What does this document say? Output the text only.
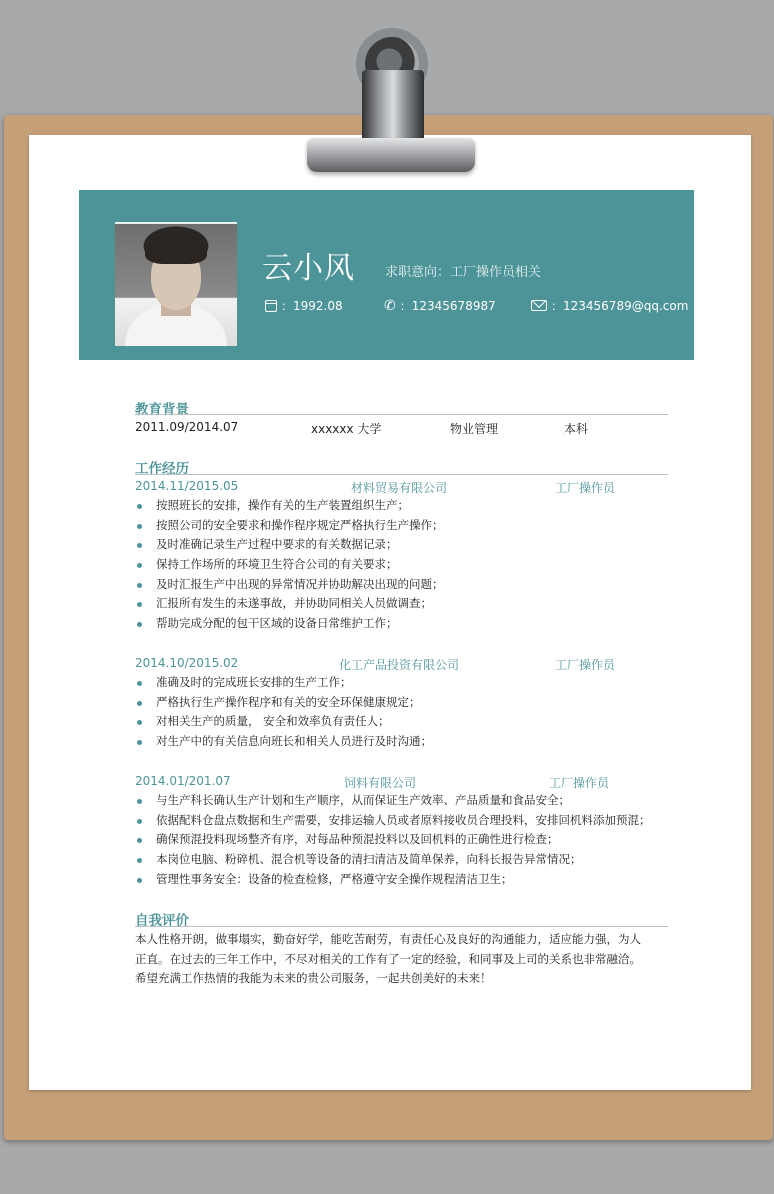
云小风 求职意向：工厂操作员相关
：1992.08	✆ ：12345678987	：123456789@qq.com
教育背景
2011.09/2014.07	xxxxxx 大学	物业管理	本科
工作经历
2014.11/2015.05	材料贸易有限公司	工厂操作员
按照班长的安排，操作有关的生产装置组织生产；
按照公司的安全要求和操作程序规定严格执行生产操作；
及时准确记录生产过程中要求的有关数据记录；
保持工作场所的环境卫生符合公司的有关要求；
及时汇报生产中出现的异常情况并协助解决出现的问题；
汇报所有发生的未遂事故，并协助同相关人员做调查；
帮助完成分配的包干区域的设备日常维护工作；
2014.10/2015.02	化工产品投资有限公司	工厂操作员
准确及时的完成班长安排的生产工作；
严格执行生产操作程序和有关的安全环保健康规定；
对相关生产的质量， 安全和效率负有责任人；
对生产中的有关信息向班长和相关人员进行及时沟通；
2014.01/201.07	饲料有限公司	工厂操作员
与生产科长确认生产计划和生产顺序，从而保证生产效率、产品质量和食品安全；
依据配料仓盘点数据和生产需要，安排运输人员或者原料接收员合理投料，安排回机料添加预混；
确保预混投料现场整齐有序，对每品种预混投料以及回机料的正确性进行检查；
本岗位电脑、粉碎机、混合机等设备的清扫清洁及简单保养，向科长报告异常情况；
管理性事务安全：设备的检查检修，严格遵守安全操作规程清洁卫生；
自我评价
本人性格开朗，做事塌实，勤奋好学，能吃苦耐劳，有责任心及良好的沟通能力，适应能力强，为人
正直。在过去的三年工作中，不尽对相关的工作有了一定的经验，和同事及上司的关系也非常融洽。
希望充满工作热情的我能为未来的贵公司服务，一起共创美好的未来！
